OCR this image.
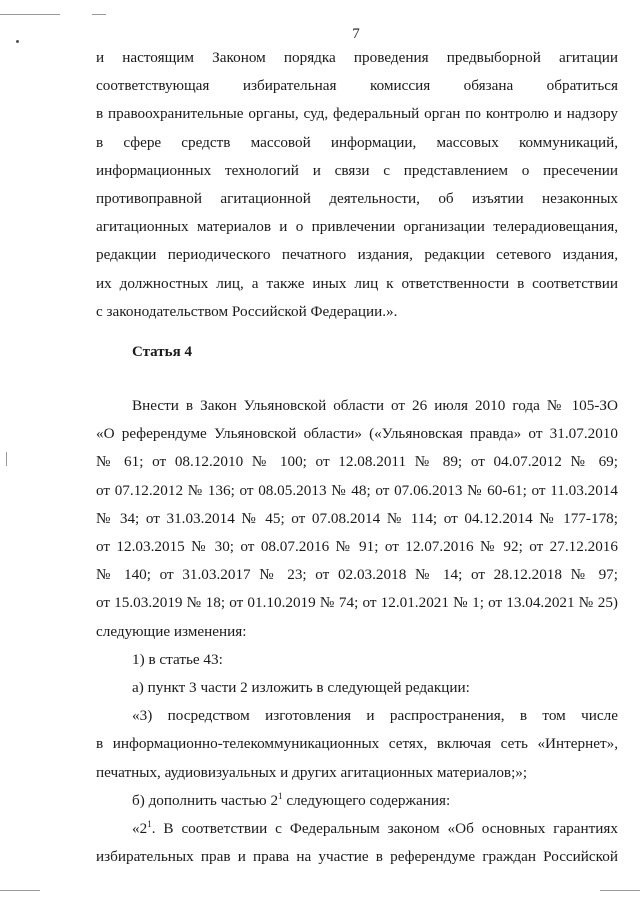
7
и настоящим Законом порядка проведения предвыборной агитации
соответствующая избирательная комиссия обязана обратиться
в правоохранительные органы, суд, федеральный орган по контролю и надзору
в сфере средств массовой информации, массовых коммуникаций,
информационных технологий и связи с представлением о пресечении
противоправной агитационной деятельности, об изъятии незаконных
агитационных материалов и о привлечении организации телерадиовещания,
редакции периодического печатного издания, редакции сетевого издания,
их должностных лиц, а также иных лиц к ответственности в соответствии
с законодательством Российской Федерации.».
Статья 4
Внести в Закон Ульяновской области от 26 июля 2010 года № 105-ЗО
«О референдуме Ульяновской области» («Ульяновская правда» от 31.07.2010
№ 61; от 08.12.2010 № 100; от 12.08.2011 № 89; от 04.07.2012 № 69;
от 07.12.2012 № 136; от 08.05.2013 № 48; от 07.06.2013 № 60-61; от 11.03.2014
№ 34; от 31.03.2014 № 45; от 07.08.2014 № 114; от 04.12.2014 № 177-178;
от 12.03.2015 № 30; от 08.07.2016 № 91; от 12.07.2016 № 92; от 27.12.2016
№ 140; от 31.03.2017 № 23; от 02.03.2018 № 14; от 28.12.2018 № 97;
от 15.03.2019 № 18; от 01.10.2019 № 74; от 12.01.2021 № 1; от 13.04.2021 № 25)
следующие изменения:
1) в статье 43:
а) пункт 3 части 2 изложить в следующей редакции:
«3) посредством изготовления и распространения, в том числе
в информационно-телекоммуникационных сетях, включая сеть «Интернет»,
печатных, аудиовизуальных и других агитационных материалов;»;
б) дополнить частью $2^1$ следующего содержания:
«$2^1$. В соответствии с Федеральным законом «Об основных гарантиях
избирательных прав и права на участие в референдуме граждан Российской
